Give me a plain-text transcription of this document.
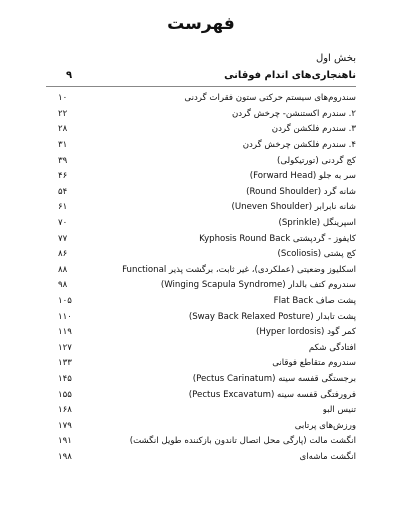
فهرست
بخش اول
ناهنجاری‌های اندام فوقانی
۹
۱۰	سندروم‌های سیستم حرکتی ستون فقرات گردنی
۲۲	۲. سندرم اکستنشن- چرخش گردن
۲۸	۳. سندرم فلکشن گردن
۳۱	۴. سندرم فلکشن چرخش گردن
۳۹	کج گردنی (تورتیکولی)
۴۶	سر به جلو (Forward Head)
۵۴	شانه گرد (Round Shoulder)
۶۱	شانه نابرابر (Uneven Shoulder)
۷۰	اسپرینگل (Sprinkle)
۷۷	کایفوز - گردپشتی Kyphosis Round Back
۸۶	کج پشتی (Scoliosis)
۸۸	اسکلیوز وضعیتی (عملکردی)، غیر ثابت، برگشت پذیر Functional
۹۸	سندروم کتف بالدار (Winging Scapula Syndrome)
۱۰۵	پشت صاف Flat Back
۱۱۰	پشت تابدار (Sway Back Relaxed Posture)
۱۱۹	کمر گود (Hyper lordosis)
۱۲۷	افتادگی شکم
۱۳۳	سندروم متقاطع فوقانی
۱۴۵	برجستگی قفسه سینه (Pectus Carinatum)
۱۵۵	فرورفتگی قفسه سینه (Pectus Excavatum)
۱۶۸	تنیس البو
۱۷۹	ورزش‌های پرتابی
۱۹۱	انگشت مالت (پارگی محل اتصال تاندون بازکننده طویل انگشت)
۱۹۸	انگشت ماشه‌ای
